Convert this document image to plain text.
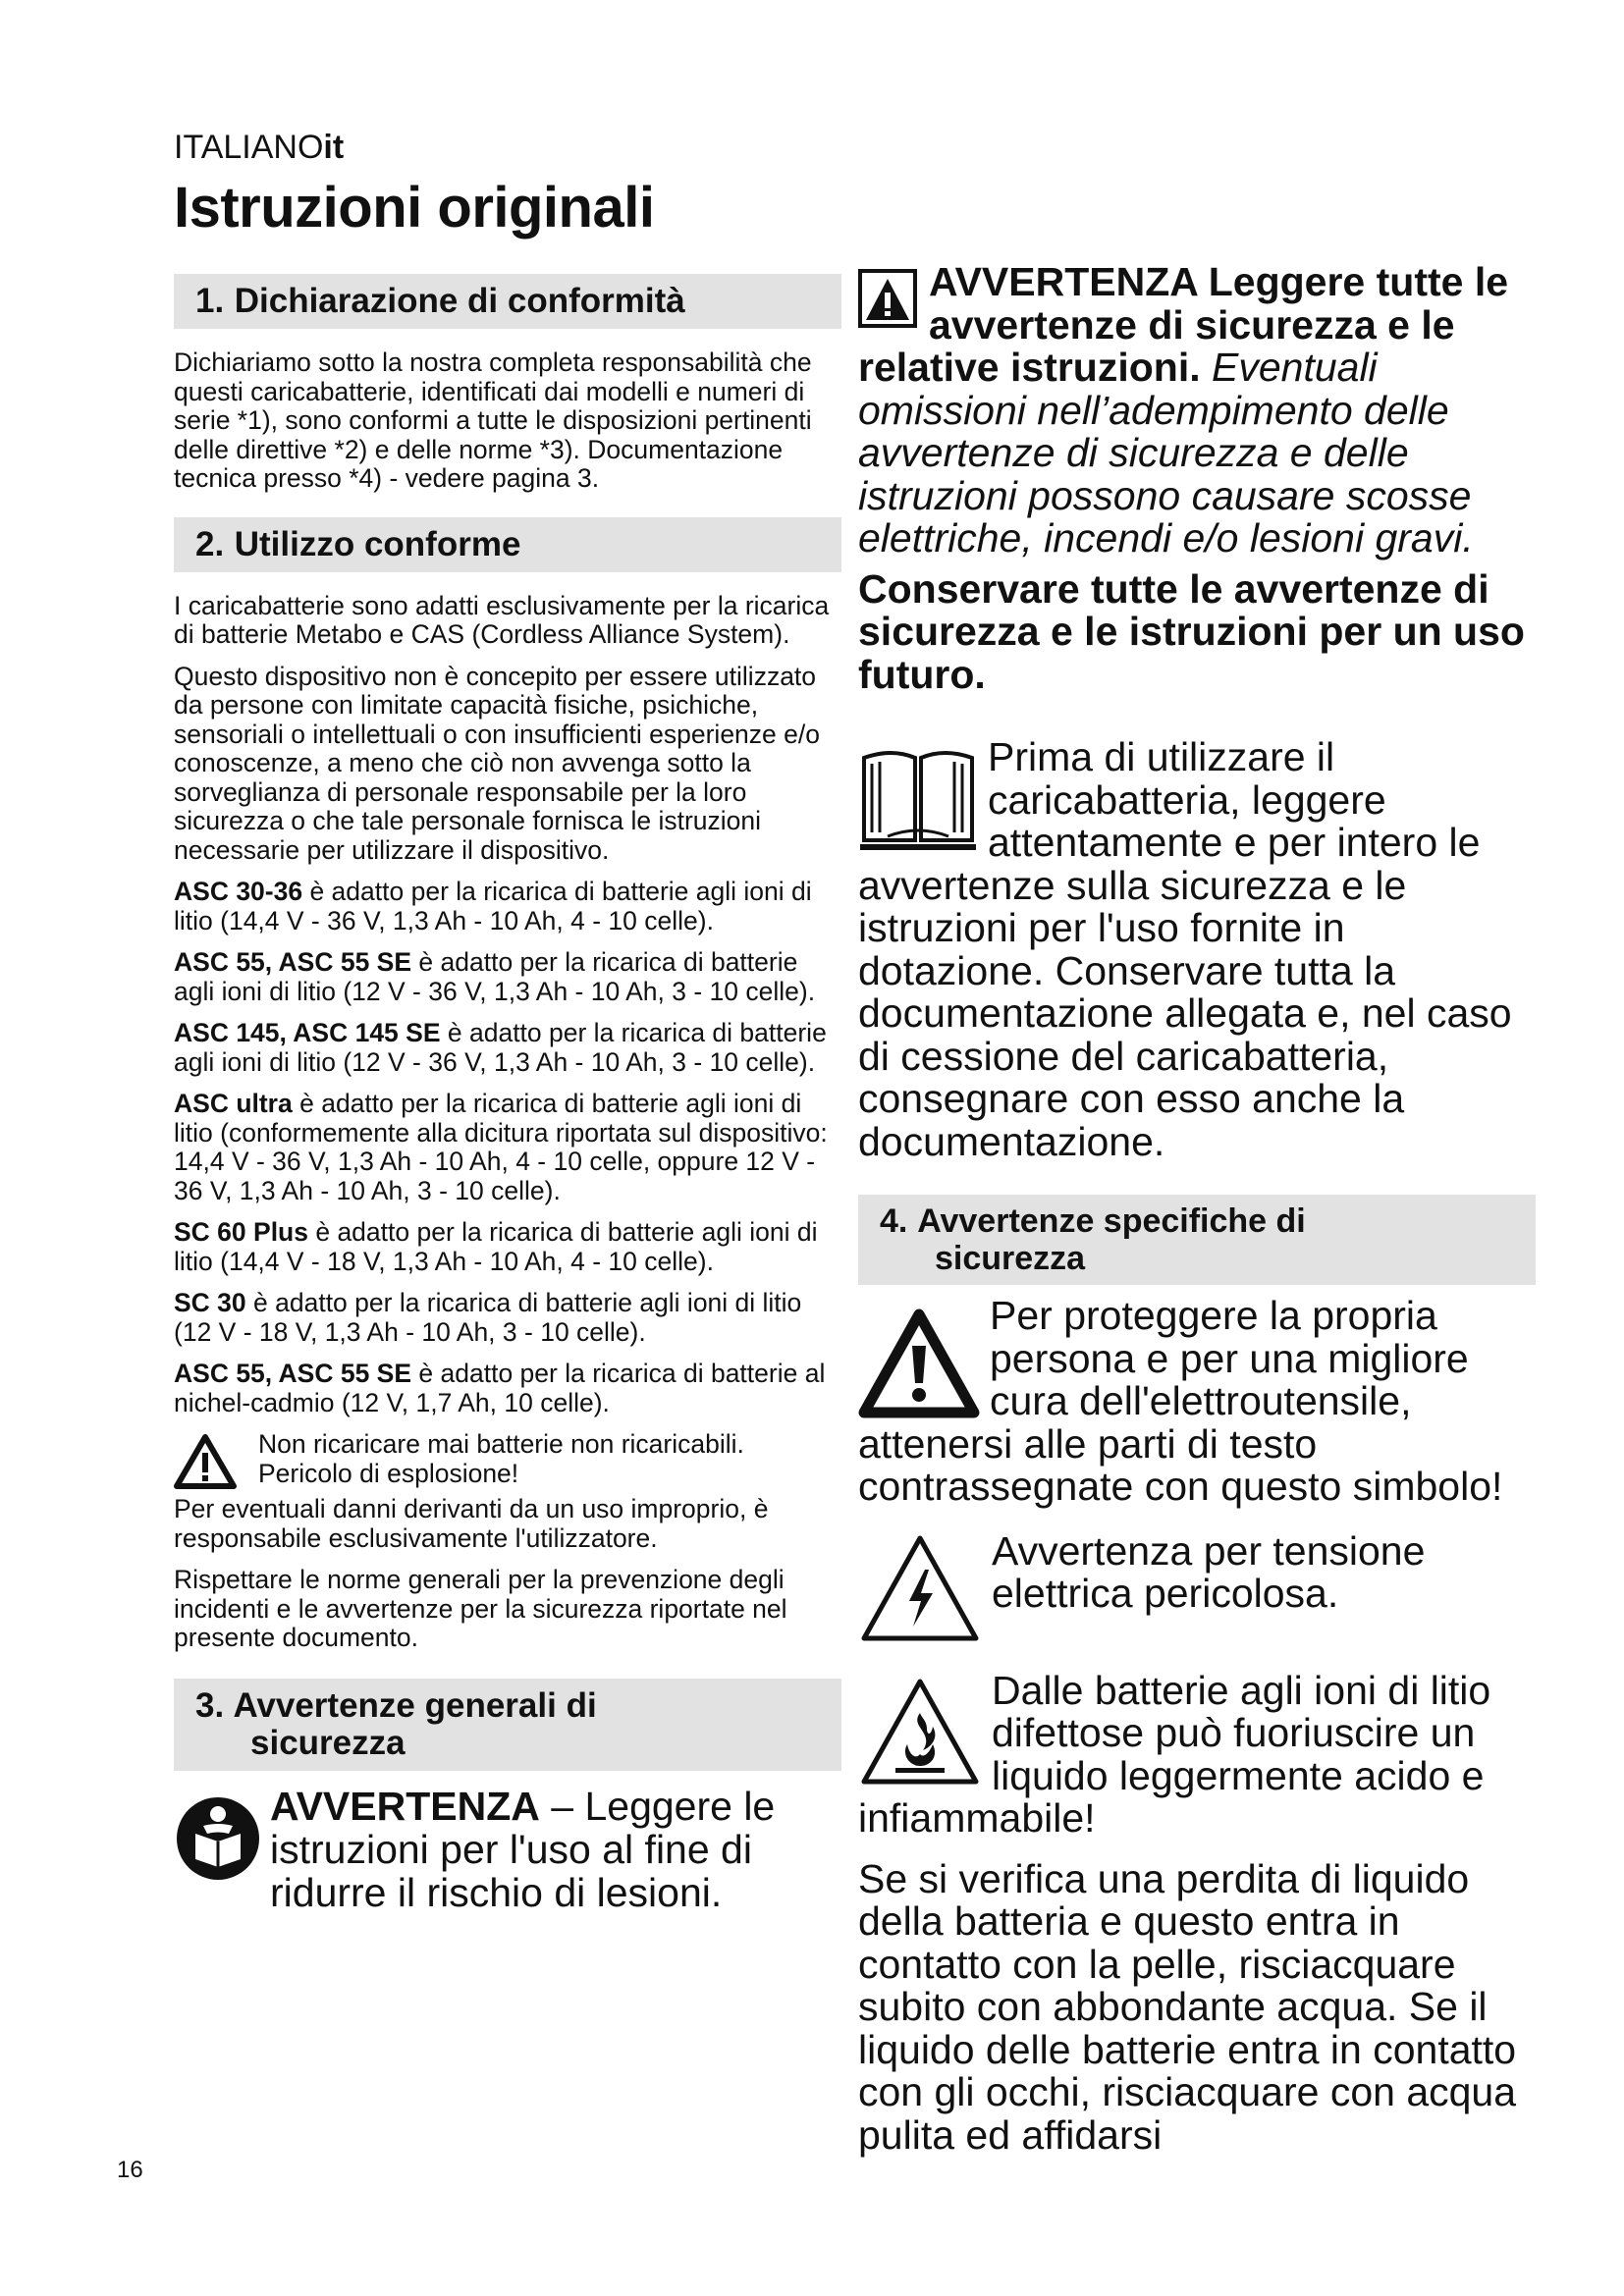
ITALIANOit
Istruzioni originali
1. Dichiarazione di conformità

Dichiariamo sotto la nostra completa responsabilità che questi caricabatterie, identificati dai modelli e numeri di serie *1), sono conformi a tutte le disposizioni pertinenti delle direttive *2) e delle norme *3). Documentazione tecnica presso *4) - vedere pagina 3.

2. Utilizzo conforme

I caricabatterie sono adatti esclusivamente per la ricarica di batterie Metabo e CAS (Cordless Alliance System).

Questo dispositivo non è concepito per essere utilizzato da persone con limitate capacità fisiche, psichiche, sensoriali o intellettuali o con insufficienti esperienze e/o conoscenze, a meno che ciò non avvenga sotto la sorveglianza di personale responsabile per la loro sicurezza o che tale personale fornisca le istruzioni necessarie per utilizzare il dispositivo.

ASC 30-36 è adatto per la ricarica di batterie agli ioni di litio (14,4 V - 36 V, 1,3 Ah - 10 Ah, 4 - 10 celle).

ASC 55, ASC 55 SE è adatto per la ricarica di batterie agli ioni di litio (12 V - 36 V, 1,3 Ah - 10 Ah, 3 - 10 celle).

ASC 145, ASC 145 SE è adatto per la ricarica di batterie agli ioni di litio (12 V - 36 V, 1,3 Ah - 10 Ah, 3 - 10 celle).

ASC ultra è adatto per la ricarica di batterie agli ioni di litio (conformemente alla dicitura riportata sul dispositivo: 14,4 V - 36 V, 1,3 Ah - 10 Ah, 4 - 10 celle, oppure 12 V - 36 V, 1,3 Ah - 10 Ah, 3 - 10 celle).

SC 60 Plus è adatto per la ricarica di batterie agli ioni di litio (14,4 V - 18 V, 1,3 Ah - 10 Ah, 4 - 10 celle).

SC 30 è adatto per la ricarica di batterie agli ioni di litio (12 V - 18 V, 1,3 Ah - 10 Ah, 3 - 10 celle).

ASC 55, ASC 55 SE è adatto per la ricarica di batterie al nichel-cadmio (12 V, 1,7 Ah, 10 celle).

Non ricaricare mai batterie non ricaricabili. Pericolo di esplosione!

Per eventuali danni derivanti da un uso improprio, è responsabile esclusivamente l'utilizzatore.

Rispettare le norme generali per la prevenzione degli incidenti e le avvertenze per la sicurezza riportate nel presente documento.

3. Avvertenze generali di
sicurezza
AVVERTENZA – Leggere le istruzioni per l'uso al fine di ridurre il rischio di lesioni.

AVVERTENZA Leggere tutte le avvertenze di sicurezza e le relative istruzioni. Eventuali omissioni nell’adempimento delle avvertenze di sicurezza e delle istruzioni possono causare scosse elettriche, incendi e/o lesioni gravi.

Conservare tutte le avvertenze di sicurezza e le istruzioni per un uso futuro.

Prima di utilizzare il caricabatteria, leggere attentamente e per intero le avvertenze sulla sicurezza e le istruzioni per l'uso fornite in dotazione. Conservare tutta la documentazione allegata e, nel caso di cessione del caricabatteria, consegnare con esso anche la documentazione.

4. Avvertenze specifiche di
sicurezza

Per proteggere la propria persona e per una migliore cura dell'elettroutensile, attenersi alle parti di testo contrassegnate con questo simbolo!

Avvertenza per tensione elettrica pericolosa.

Dalle batterie agli ioni di litio difettose può fuoriuscire un liquido leggermente acido e infiammabile!

Se si verifica una perdita di liquido della batteria e questo entra in contatto con la pelle, risciacquare subito con abbondante acqua. Se il liquido delle batterie entra in contatto con gli occhi, risciacquare con acqua pulita ed affidarsi

16
